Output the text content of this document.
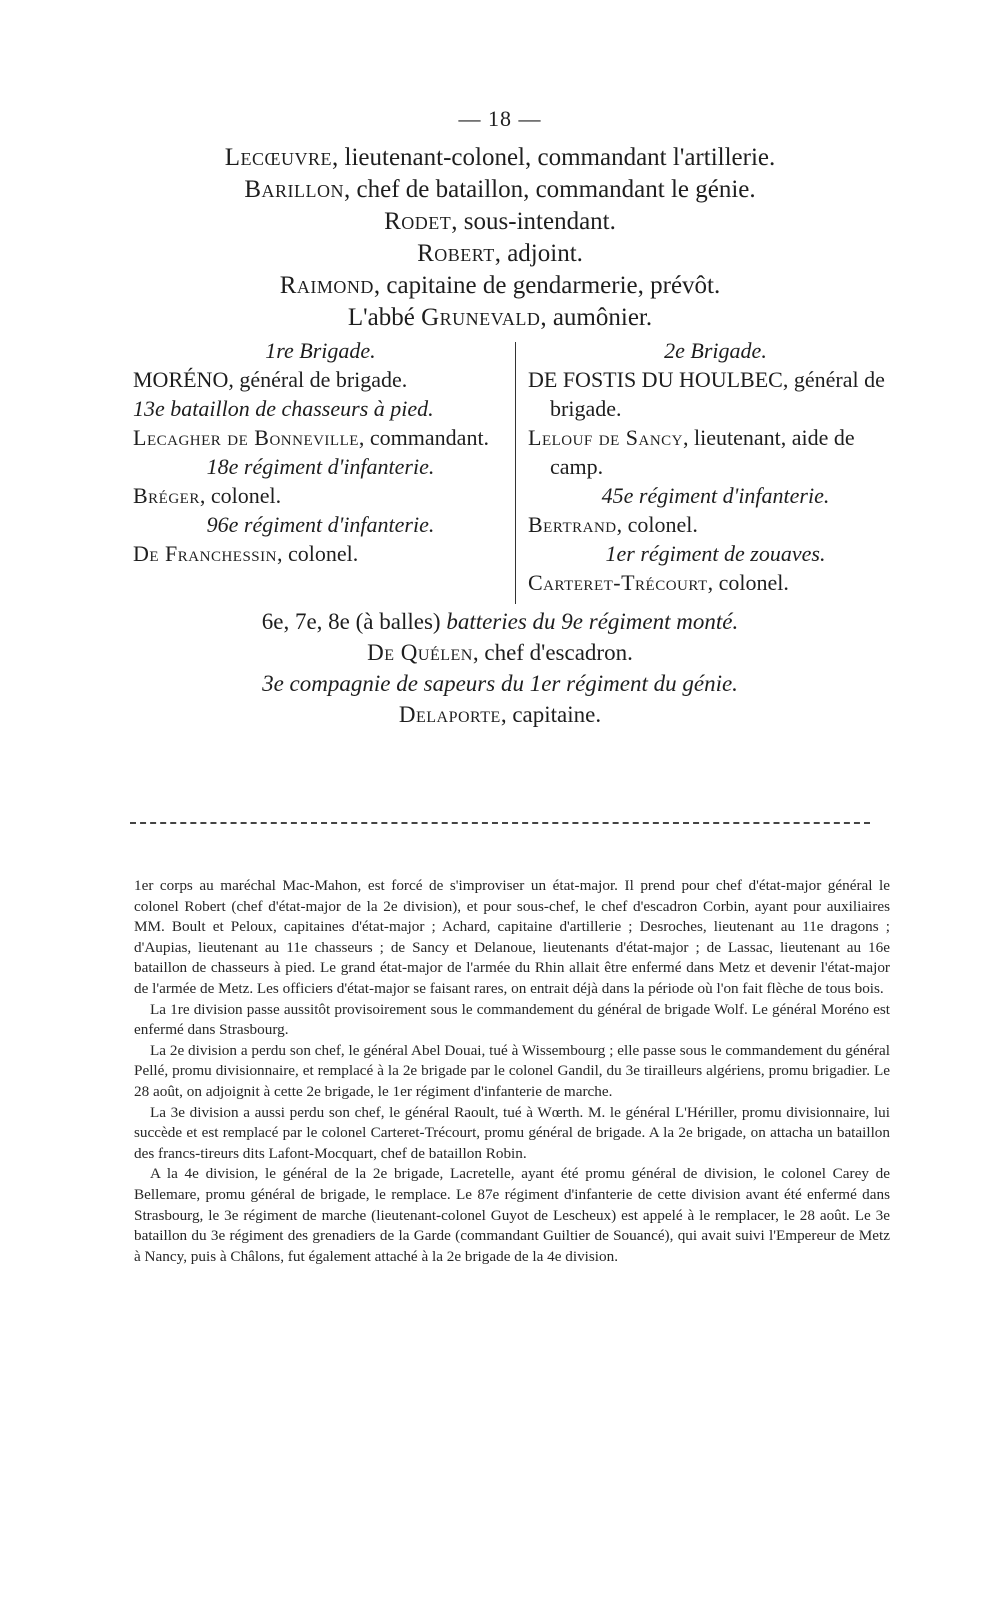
— 18 —
Lecœuvre, lieutenant-colonel, commandant l'artillerie.
Barillon, chef de bataillon, commandant le génie.
Rodet, sous-intendant.
Robert, adjoint.
Raimond, capitaine de gendarmerie, prévôt.
L'abbé Grunevald, aumônier.
1re Brigade.
MORÉNO, général de brigade.
13e bataillon de chasseurs à pied.
Lecagher de Bonneville, commandant.
18e régiment d'infanterie.
Bréger, colonel.
96e régiment d'infanterie.
De Franchessin, colonel.
2e Brigade.
DE FOSTIS DU HOULBEC, général de brigade.
Lelouf de Sancy, lieutenant, aide de camp.
45e régiment d'infanterie.
Bertrand, colonel.
1er régiment de zouaves.
Carteret-Trécourt, colonel.
6e, 7e, 8e (à balles) batteries du 9e régiment monté.
De Quélen, chef d'escadron.
3e compagnie de sapeurs du 1er régiment du génie.
Delaporte, capitaine.

1er corps au maréchal Mac-Mahon, est forcé de s'improviser un état-major. Il prend pour chef d'état-major général le colonel Robert (chef d'état-major de la 2e division), et pour sous-chef, le chef d'escadron Corbin, ayant pour auxiliaires MM. Boult et Peloux, capitaines d'état-major ; Achard, capitaine d'artillerie ; Desroches, lieutenant au 11e dragons ; d'Aupias, lieutenant au 11e chasseurs ; de Sancy et Delanoue, lieutenants d'état-major ; de Lassac, lieutenant au 16e bataillon de chasseurs à pied. Le grand état-major de l'armée du Rhin allait être enfermé dans Metz et devenir l'état-major de l'armée de Metz. Les officiers d'état-major se faisant rares, on entrait déjà dans la période où l'on fait flèche de tous bois.

La 1re division passe aussitôt provisoirement sous le commandement du général de brigade Wolf. Le général Moréno est enfermé dans Strasbourg.

La 2e division a perdu son chef, le général Abel Douai, tué à Wissembourg ; elle passe sous le commandement du général Pellé, promu divisionnaire, et remplacé à la 2e brigade par le colonel Gandil, du 3e tirailleurs algériens, promu brigadier. Le 28 août, on adjoignit à cette 2e brigade, le 1er régiment d'infanterie de marche.

La 3e division a aussi perdu son chef, le général Raoult, tué à Wœrth. M. le général L'Hériller, promu divisionnaire, lui succède et est remplacé par le colonel Carteret-Trécourt, promu général de brigade. A la 2e brigade, on attacha un bataillon des francs-tireurs dits Lafont-Mocquart, chef de bataillon Robin.

A la 4e division, le général de la 2e brigade, Lacretelle, ayant été promu général de division, le colonel Carey de Bellemare, promu général de brigade, le remplace. Le 87e régiment d'infanterie de cette division avant été enfermé dans Strasbourg, le 3e régiment de marche (lieutenant-colonel Guyot de Lescheux) est appelé à le remplacer, le 28 août. Le 3e bataillon du 3e régiment des grenadiers de la Garde (commandant Guiltier de Souancé), qui avait suivi l'Empereur de Metz à Nancy, puis à Châlons, fut également attaché à la 2e brigade de la 4e division.
